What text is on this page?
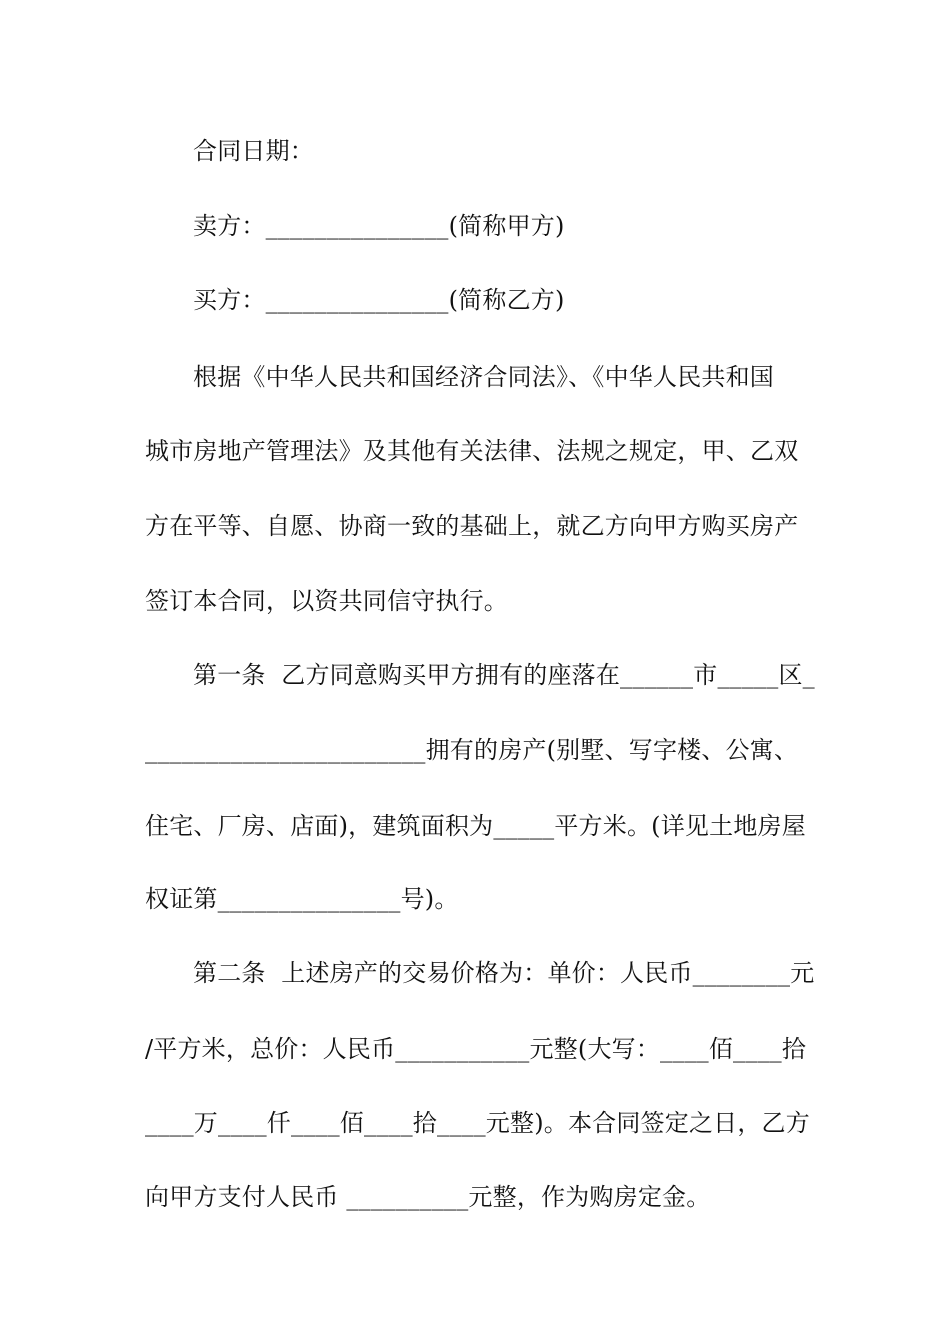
合同日期：
卖方：_______________(简称甲方)
买方：_______________(简称乙方)
根据《中华人民共和国经济合同法》、《中华人民共和国
城市房地产管理法》及其他有关法律、法规之规定，甲、乙双
方在平等、自愿、协商一致的基础上，就乙方向甲方购买房产
签订本合同，以资共同信守执行。
第一条  乙方同意购买甲方拥有的座落在______市_____区_
_______________________拥有的房产(别墅、写字楼、公寓、
住宅、厂房、店面)，建筑面积为_____平方米。(详见土地房屋
权证第_______________号)。
第二条  上述房产的交易价格为：单价：人民币________元
/平方米，总价：人民币___________元整(大写：____佰____拾
____万____仟____佰____拾____元整)。本合同签定之日，乙方
向甲方支付人民币 __________元整，作为购房定金。
